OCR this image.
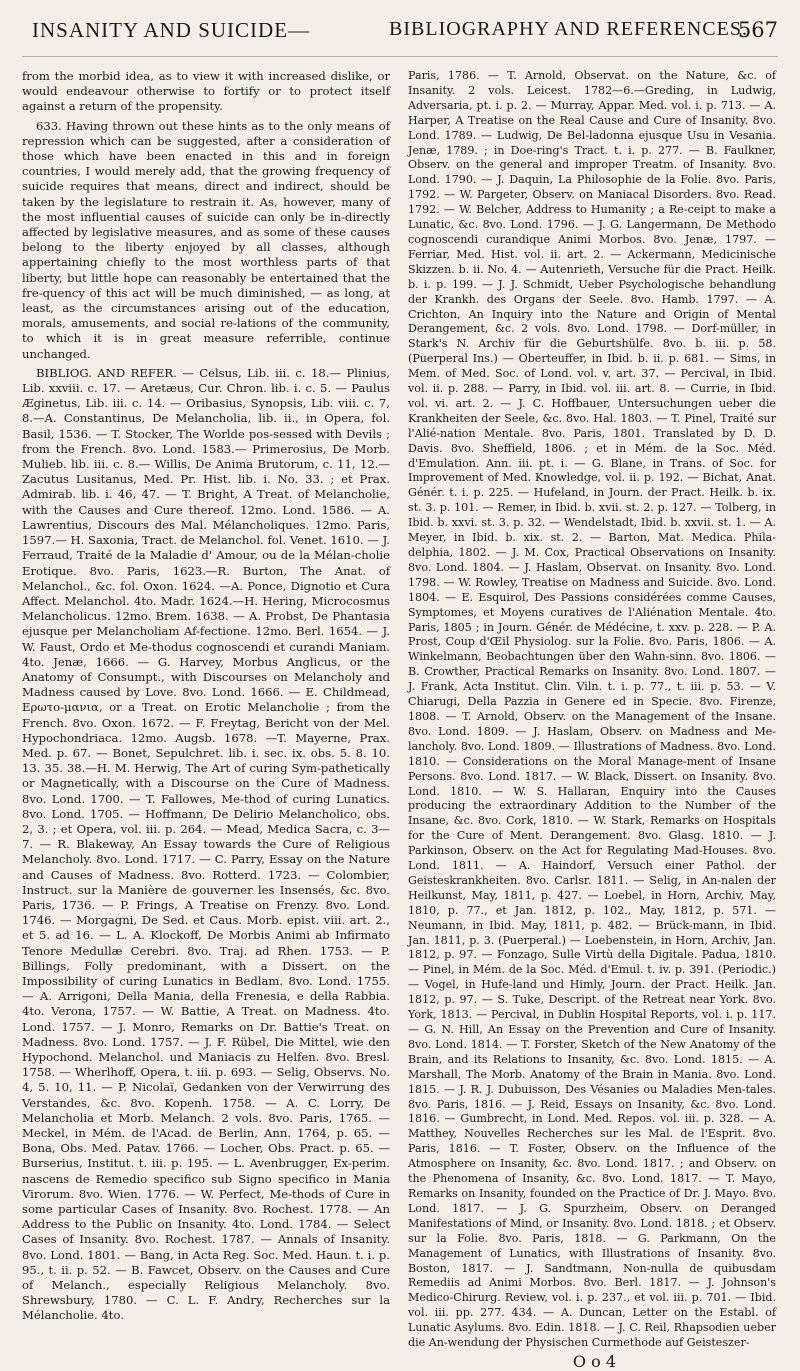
INSANITY AND SUICIDE—	BIBLIOGRAPHY AND REFERENCES.
567

from the morbid idea, as to view it with increased dislike, or would endeavour otherwise to fortify or to protect itself against a return of the propensity.

633. Having thrown out these hints as to the only means of repression which can be suggested, after a consideration of those which have been enacted in this and in foreign countries, I would merely add, that the growing frequency of suicide requires that means, direct and indirect, should be taken by the legislature to restrain it. As, however, many of the most influential causes of suicide can only be in-directly affected by legislative measures, and as some of these causes belong to the liberty enjoyed by all classes, although appertaining chiefly to the most worthless parts of that liberty, but little hope can reasonably be entertained that the fre-quency of this act will be much diminished, — as long, at least, as the circumstances arising out of the education, morals, amusements, and social re-lations of the community, to which it is in great measure referrible, continue unchanged.

BIBLIOG. AND REFER. — Celsus, Lib. iii. c. 18.— Plinius, Lib. xxviii. c. 17. — Aretæus, Cur. Chron. lib. i. c. 5. — Paulus Æginetus, Lib. iii. c. 14. — Oribasius, Synopsis, Lib. viii. c. 7, 8.—A. Constantinus, De Melancholia, lib. ii., in Opera, fol. Basil, 1536. — T. Stocker, The Worlde pos-sessed with Devils ; from the French. 8vo. Lond. 1583.— Primerosius, De Morb. Mulieb. lib. iii. c. 8.— Willis, De Anima Brutorum, c. 11, 12.— Zacutus Lusitanus, Med. Pr. Hist. lib. i. No. 33. ; et Prax. Admirab. lib. i. 46, 47. — T. Bright, A Treat. of Melancholie, with the Causes and Cure thereof. 12mo. Lond. 1586. — A. Lawrentius, Discours des Mal. Mélancholiques. 12mo. Paris, 1597.— H. Saxonia, Tract. de Melanchol. fol. Venet. 1610. — J. Ferraud, Traité de la Maladie d' Amour, ou de la Mélan-cholie Erotique. 8vo. Paris, 1623.—R. Burton, The Anat. of Melanchol., &c. fol. Oxon. 1624. —A. Ponce, Dignotio et Cura Affect. Melanchol. 4to. Madr. 1624.—H. Hering, Microcosmus Melancholicus. 12mo. Brem. 1638. — A. Probst, De Phantasia ejusque per Melancholiam Af-fectione. 12mo. Berl. 1654. — J. W. Faust, Ordo et Me-thodus cognoscendi et curandi Maniam. 4to. Jenæ, 1666. — G. Harvey, Morbus Anglicus, or the Anatomy of Consumpt., with Discourses on Melancholy and Madness caused by Love. 8vo. Lond. 1666. — E. Childmead, Eρωτο-μανια, or a Treat. on Erotic Melancholie ; from the French. 8vo. Oxon. 1672. — F. Freytag, Bericht von der Mel. Hypochondriaca. 12mo. Augsb. 1678. —T. Mayerne, Prax. Med. p. 67. — Bonet, Sepulchret. lib. i. sec. ix. obs. 5. 8. 10. 13. 35. 38.—H. M. Herwig, The Art of curing Sym-pathetically or Magnetically, with a Discourse on the Cure of Madness. 8vo. Lond. 1700. — T. Fallowes, Me-thod of curing Lunatics. 8vo. Lond. 1705. — Hoffmann, De Delirio Melancholico, obs. 2, 3. ; et Opera, vol. iii. p. 264. — Mead, Medica Sacra, c. 3—7. — R. Blakeway, An Essay towards the Cure of Religious Melancholy. 8vo. Lond. 1717. — C. Parry, Essay on the Nature and Causes of Madness. 8vo. Rotterd. 1723. — Colombier, Instruct. sur la Manière de gouverner les Insensés, &c. 8vo. Paris, 1736. — P. Frings, A Treatise on Frenzy. 8vo. Lond. 1746. — Morgagni, De Sed. et Caus. Morb. epist. viii. art. 2., et 5. ad 16. — L. A. Klockoff, De Morbis Animi ab Infirmato Tenore Medullæ Cerebri. 8vo. Traj. ad Rhen. 1753. — P. Billings, Folly predominant, with a Dissert. on the Impossibility of curing Lunatics in Bedlam. 8vo. Lond. 1755. — A. Arrigoni, Della Mania, della Frenesia, e della Rabbia. 4to. Verona, 1757. — W. Battie, A Treat. on Madness. 4to. Lond. 1757. — J. Monro, Remarks on Dr. Battie's Treat. on Madness. 8vo. Lond. 1757. — J. F. Rübel, Die Mittel, wie den Hypochond. Melanchol. und Maniacis zu Helfen. 8vo. Bresl. 1758. — Wherlhoff, Opera, t. iii. p. 693. — Selig, Observs. No. 4, 5. 10, 11. — P. Nicolaï, Gedanken von der Verwirrung des Verstandes, &c. 8vo. Kopenh. 1758. — A. C. Lorry, De Melancholia et Morb. Melanch. 2 vols. 8vo. Paris, 1765. — Meckel, in Mém. de l'Acad. de Berlin, Ann. 1764, p. 65. — Bona, Obs. Med. Patav. 1766. — Locher, Obs. Pract. p. 65. — Burserius, Institut. t. iii. p. 195. — L. Avenbrugger, Ex-perim. nascens de Remedio specifico sub Signo specifico in Mania Virorum. 8vo. Wien. 1776. — W. Perfect, Me-thods of Cure in some particular Cases of Insanity. 8vo. Rochest. 1778. — An Address to the Public on Insanity. 4to. Lond. 1784. — Select Cases of Insanity. 8vo. Rochest. 1787. — Annals of Insanity. 8vo. Lond. 1801. — Bang, in Acta Reg. Soc. Med. Haun. t. i. p. 95., t. ii. p. 52. — B. Fawcet, Observ. on the Causes and Cure of Melanch., especially Religious Melancholy. 8vo. Shrewsbury, 1780. — C. L. F. Andry, Recherches sur la Mélancholie. 4to.

Paris, 1786. — T. Arnold, Observat. on the Nature, &c. of Insanity. 2 vols. Leicest. 1782—6.—Greding, in Ludwig, Adversaria, pt. i. p. 2. — Murray, Appar. Med. vol. i. p. 713. — A. Harper, A Treatise on the Real Cause and Cure of Insanity. 8vo. Lond. 1789. — Ludwig, De Bel-ladonna ejusque Usu in Vesania. Jenæ, 1789. ; in Doe-ring's Tract. t. i. p. 277. — B. Faulkner, Observ. on the general and improper Treatm. of Insanity. 8vo. Lond. 1790. — J. Daquin, La Philosophie de la Folie. 8vo. Paris, 1792. — W. Pargeter, Observ. on Maniacal Disorders. 8vo. Read. 1792. — W. Belcher, Address to Humanity ; a Re-ceipt to make a Lunatic, &c. 8vo. Lond. 1796. — J. G. Langermann, De Methodo cognoscendi curandique Animi Morbos. 8vo. Jenæ, 1797. — Ferriar, Med. Hist. vol. ii. art. 2. — Ackermann, Medicinische Skizzen. b. ii. No. 4. — Autenrieth, Versuche für die Pract. Heilk. b. i. p. 199. — J. J. Schmidt, Ueber Psychologische behandlung der Krankh. des Organs der Seele. 8vo. Hamb. 1797. — A. Crichton, An Inquiry into the Nature and Origin of Mental Derangement, &c. 2 vols. 8vo. Lond. 1798. — Dorf-müller, in Stark's N. Archiv für die Geburtshülfe. 8vo. b. iii. p. 58. (Puerperal Ins.) — Oberteuffer, in Ibid. b. ii. p. 681. — Sims, in Mem. of Med. Soc. of Lond. vol. v. art. 37. — Percival, in Ibid. vol. ii. p. 288. — Parry, in Ibid. vol. iii. art. 8. — Currie, in Ibid. vol. vi. art. 2. — J. C. Hoffbauer, Untersuchungen ueber die Krankheiten der Seele, &c. 8vo. Hal. 1803. — T. Pinel, Traité sur l'Alié-nation Mentale. 8vo. Paris, 1801. Translated by D. D. Davis. 8vo. Sheffield, 1806. ; et in Mém. de la Soc. Méd. d'Emulation. Ann. iii. pt. i. — G. Blane, in Trans. of Soc. for Improvement of Med. Knowledge, vol. ii. p. 192. — Bichat, Anat. Génér. t. i. p. 225. — Hufeland, in Journ. der Pract. Heilk. b. ix. st. 3. p. 101. — Remer, in Ibid. b. xvii. st. 2. p. 127. — Tolberg, in Ibid. b. xxvi. st. 3. p. 32. — Wendelstadt, Ibid. b. xxvii. st. 1. — A. Meyer, in Ibid. b. xix. st. 2. — Barton, Mat. Medica. Phila-delphia, 1802. — J. M. Cox, Practical Observations on Insanity. 8vo. Lond. 1804. — J. Haslam, Observat. on Insanity. 8vo. Lond. 1798. — W. Rowley, Treatise on Madness and Suicide. 8vo. Lond. 1804. — E. Esquirol, Des Passions considérées comme Causes, Symptomes, et Moyens curatives de l'Aliénation Mentale. 4to. Paris, 1805 ; in Journ. Génér. de Médécine, t. xxv. p. 228. — P. A. Prost, Coup d'Œil Physiolog. sur la Folie. 8vo. Paris, 1806. — A. Winkelmann, Beobachtungen über den Wahn-sinn. 8vo. 1806. — B. Crowther, Practical Remarks on Insanity. 8vo. Lond. 1807. — J. Frank, Acta Institut. Clin. Viln. t. i. p. 77., t. iii. p. 53. — V. Chiarugi, Della Pazzia in Genere ed in Specie. 8vo. Firenze, 1808. — T. Arnold, Observ. on the Management of the Insane. 8vo. Lond. 1809. — J. Haslam, Observ. on Madness and Me-lancholy. 8vo. Lond. 1809. — Illustrations of Madness. 8vo. Lond. 1810. — Considerations on the Moral Manage-ment of Insane Persons. 8vo. Lond. 1817. — W. Black, Dissert. on Insanity. 8vo. Lond. 1810. — W. S. Hallaran, Enquiry into the Causes producing the extraordinary Addition to the Number of the Insane, &c. 8vo. Cork, 1810. — W. Stark, Remarks on Hospitals for the Cure of Ment. Derangement. 8vo. Glasg. 1810. — J. Parkinson, Observ. on the Act for Regulating Mad-Houses. 8vo. Lond. 1811. — A. Haindorf, Versuch einer Pathol. der Geisteskrankheiten. 8vo. Carlsr. 1811. — Selig, in An-nalen der Heilkunst, May, 1811, p. 427. — Loebel, in Horn, Archiv, May, 1810, p. 77., et Jan. 1812, p. 102., May, 1812, p. 571. — Neumann, in Ibid. May, 1811, p. 482. — Brück-mann, in Ibid. Jan. 1811, p. 3. (Puerperal.) — Loebenstein, in Horn, Archiv, Jan. 1812, p. 97. — Fonzago, Sulle Virtù della Digitale. Padua, 1810. — Pinel, in Mém. de la Soc. Méd. d'Emul. t. iv. p. 391. (Periodic.) — Vogel, in Hufe-land und Himly, Journ. der Pract. Heilk. Jan. 1812, p. 97. — S. Tuke, Descript. of the Retreat near York. 8vo. York, 1813. — Percival, in Dublin Hospital Reports, vol. i. p. 117. — G. N. Hill, An Essay on the Prevention and Cure of Insanity. 8vo. Lond. 1814. — T. Forster, Sketch of the New Anatomy of the Brain, and its Relations to Insanity, &c. 8vo. Lond. 1815. — A. Marshall, The Morb. Anatomy of the Brain in Mania. 8vo. Lond. 1815. — J. R. J. Dubuisson, Des Vésanies ou Maladies Men-tales. 8vo. Paris, 1816. — J. Reid, Essays on Insanity, &c. 8vo. Lond. 1816. — Gumbrecht, in Lond. Med. Repos. vol. iii. p. 328. — A. Matthey, Nouvelles Recherches sur les Mal. de l'Esprit. 8vo. Paris, 1816. — T. Foster, Observ. on the Influence of the Atmosphere on Insanity, &c. 8vo. Lond. 1817. ; and Observ. on the Phenomena of Insanity, &c. 8vo. Lond. 1817. — T. Mayo, Remarks on Insanity, founded on the Practice of Dr. J. Mayo. 8vo. Lond. 1817. — J. G. Spurzheim, Observ. on Deranged Manifestations of Mind, or Insanity. 8vo. Lond. 1818. ; et Observ. sur la Folie. 8vo. Paris, 1818. — G. Parkmann, On the Management of Lunatics, with Illustrations of Insanity. 8vo. Boston, 1817. — J. Sandtmann, Non-nulla de quibusdam Remediis ad Animi Morbos. 8vo. Berl. 1817. — J. Johnson's Medico-Chirurg. Review, vol. i. p. 237., et vol. iii. p. 701. — Ibid. vol. iii. pp. 277. 434. — A. Duncan, Letter on the Establ. of Lunatic Asylums. 8vo. Edin. 1818. — J. C. Reil, Rhapsodien ueber die An-wendung der Physischen Curmethode auf Geisteszer-

O o 4
